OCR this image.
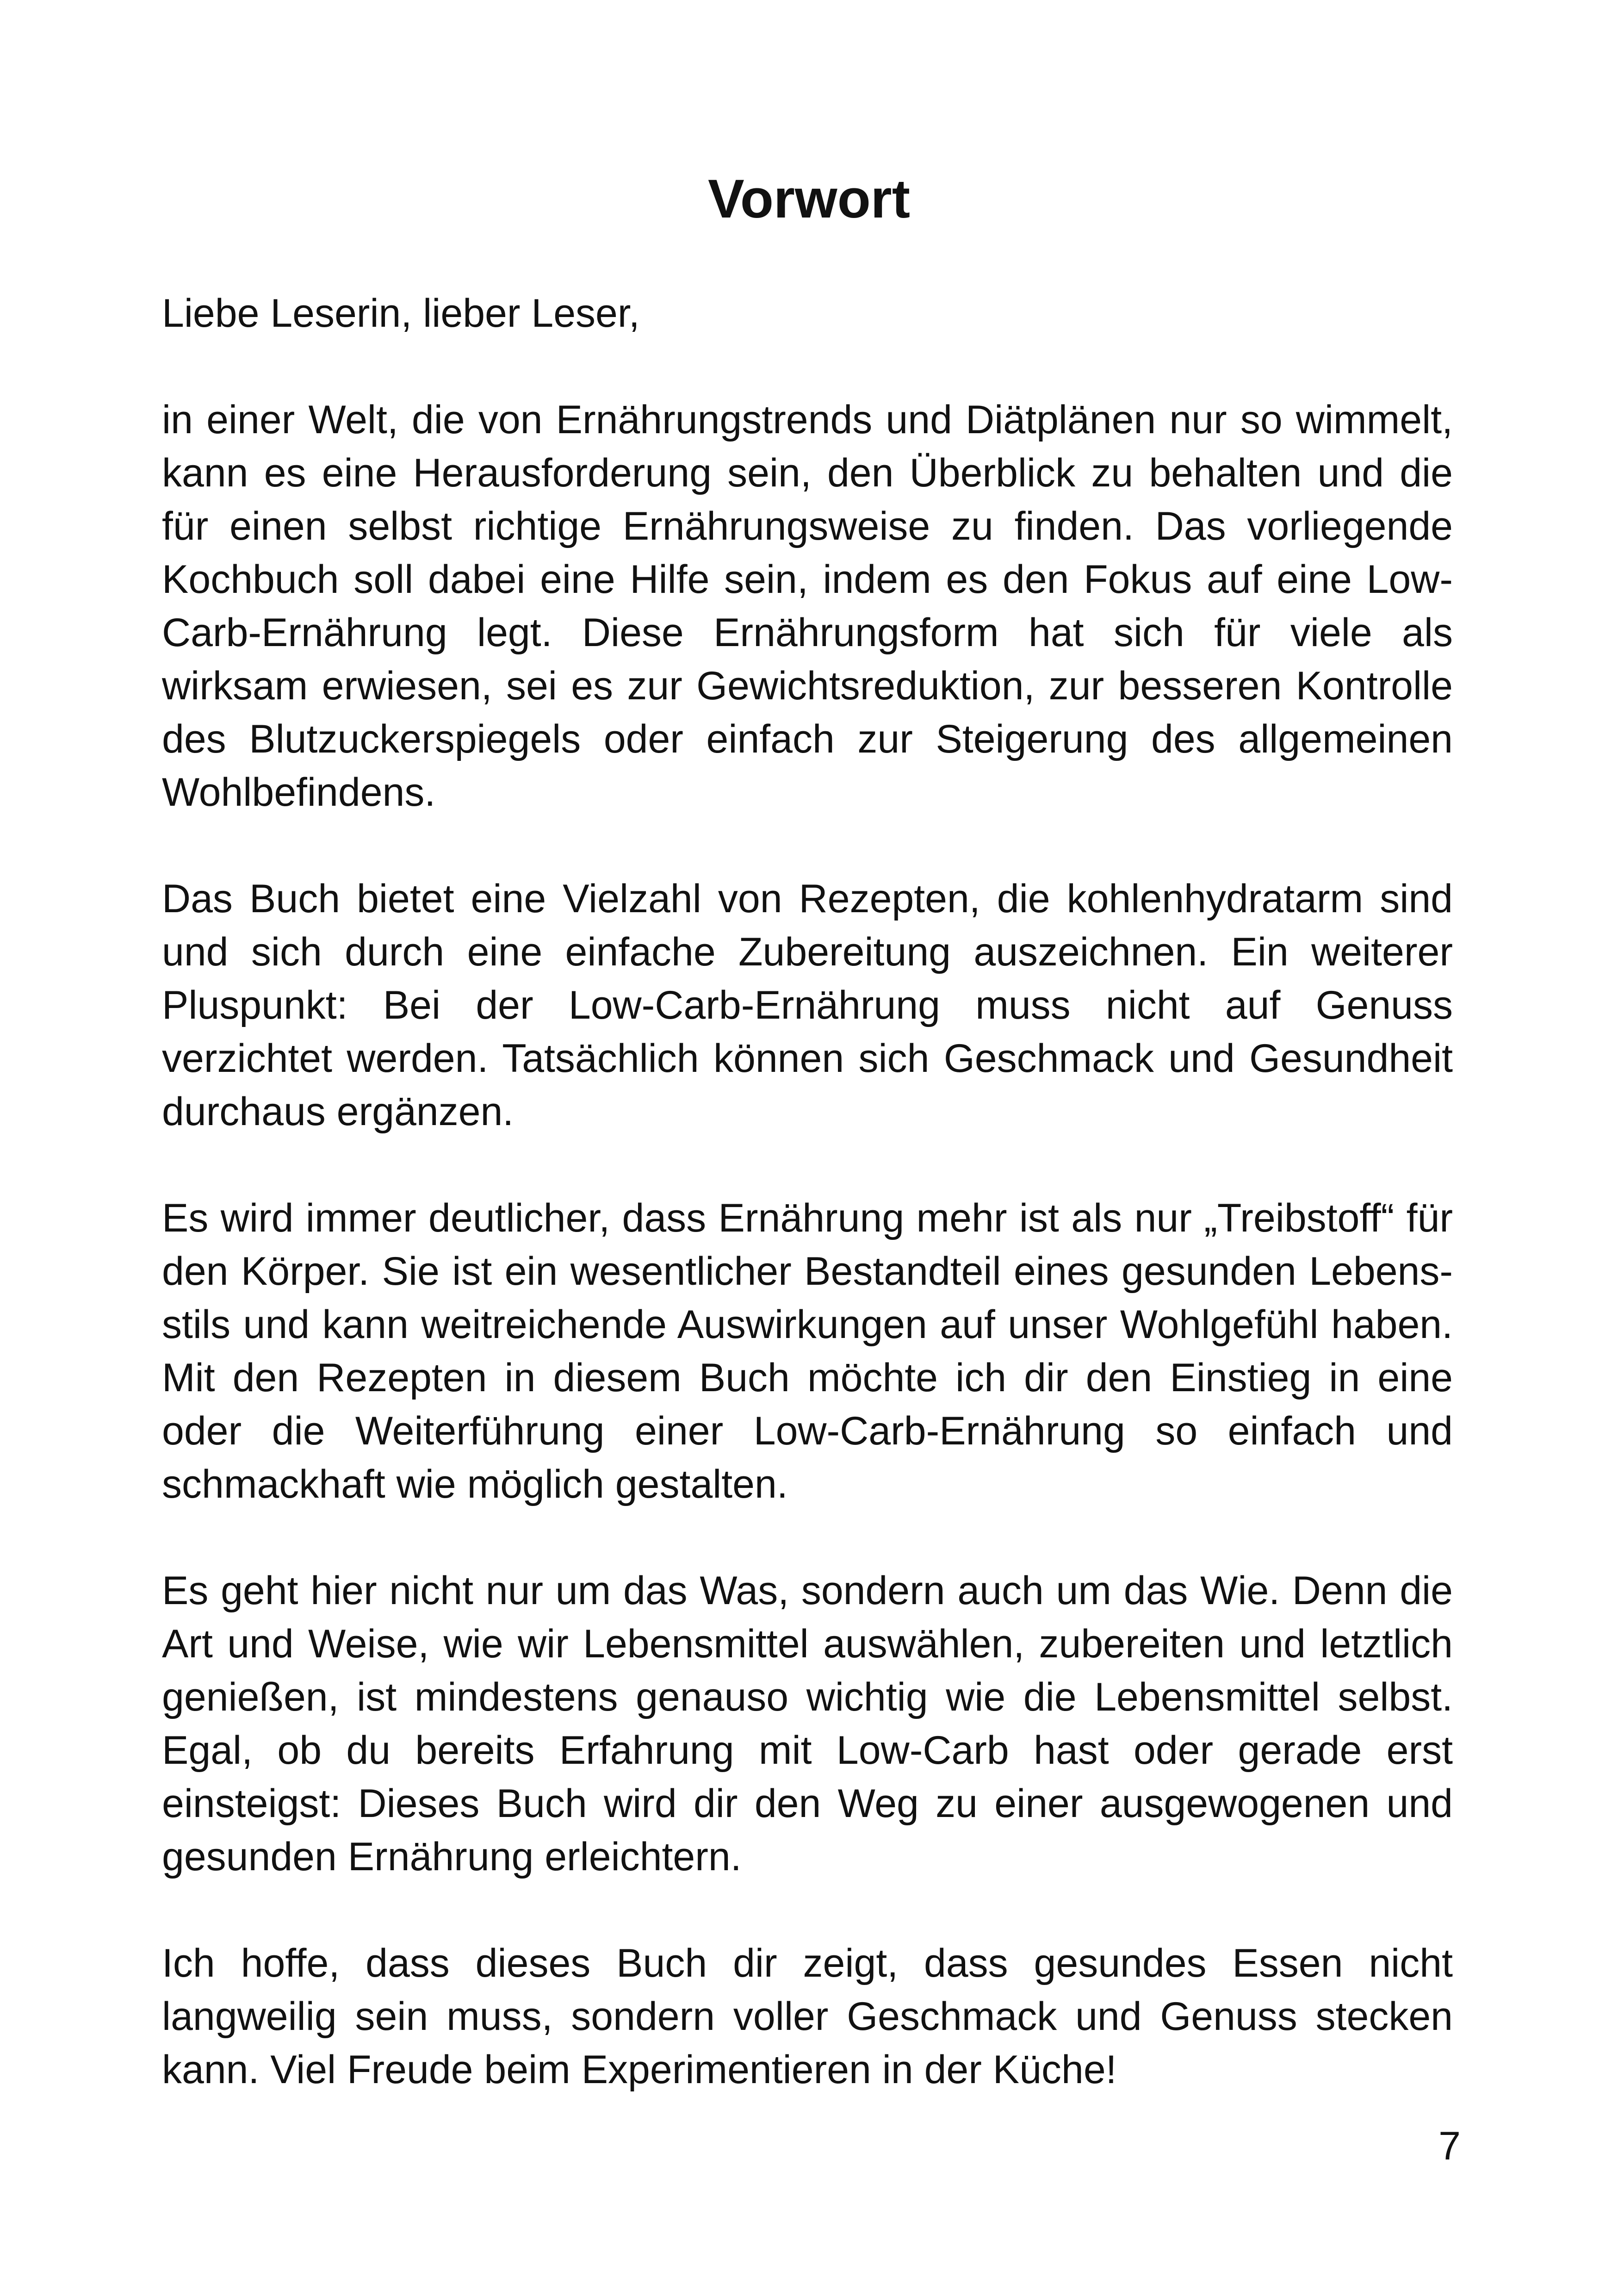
Vorwort

Liebe Leserin, lieber Leser,

in einer Welt, die von Ernährungstrends und Diätplänen nur so wimmelt, kann es eine Herausforderung sein, den Überblick zu behalten und die für einen selbst richtige Ernährungsweise zu finden. Das vorliegende Kochbuch soll dabei eine Hilfe sein, indem es den Fokus auf eine Low-Carb-Ernährung legt. Diese Ernährungsform hat sich für viele als wirksam erwiesen, sei es zur Gewichtsreduktion, zur besseren Kontrolle des Blutzuckerspiegels oder einfach zur Steigerung des allgemeinen Wohlbefindens.

Das Buch bietet eine Vielzahl von Rezepten, die kohlenhydratarm sind und sich durch eine einfache Zubereitung auszeichnen. Ein weiterer Pluspunkt: Bei der Low-Carb-Ernährung muss nicht auf Genuss verzichtet werden. Tatsächlich können sich Geschmack und Gesundheit durchaus ergänzen.

Es wird immer deutlicher, dass Ernährung mehr ist als nur „Treibstoff“ für den Körper. Sie ist ein wesentlicher Bestandteil eines gesunden Lebensstils und kann weitreichende Auswirkungen auf unser Wohlgefühl haben. Mit den Rezepten in diesem Buch möchte ich dir den Einstieg in eine oder die Weiterführung einer Low-Carb-Ernährung so einfach und schmackhaft wie möglich gestalten.

Es geht hier nicht nur um das Was, sondern auch um das Wie. Denn die Art und Weise, wie wir Lebensmittel auswählen, zubereiten und letztlich genießen, ist mindestens genauso wichtig wie die Lebensmittel selbst. Egal, ob du bereits Erfahrung mit Low-Carb hast oder gerade erst einsteigst: Dieses Buch wird dir den Weg zu einer ausgewogenen und gesunden Ernährung erleichtern.

Ich hoffe, dass dieses Buch dir zeigt, dass gesundes Essen nicht langweilig sein muss, sondern voller Geschmack und Genuss stecken kann. Viel Freude beim Experimentieren in der Küche!

7
